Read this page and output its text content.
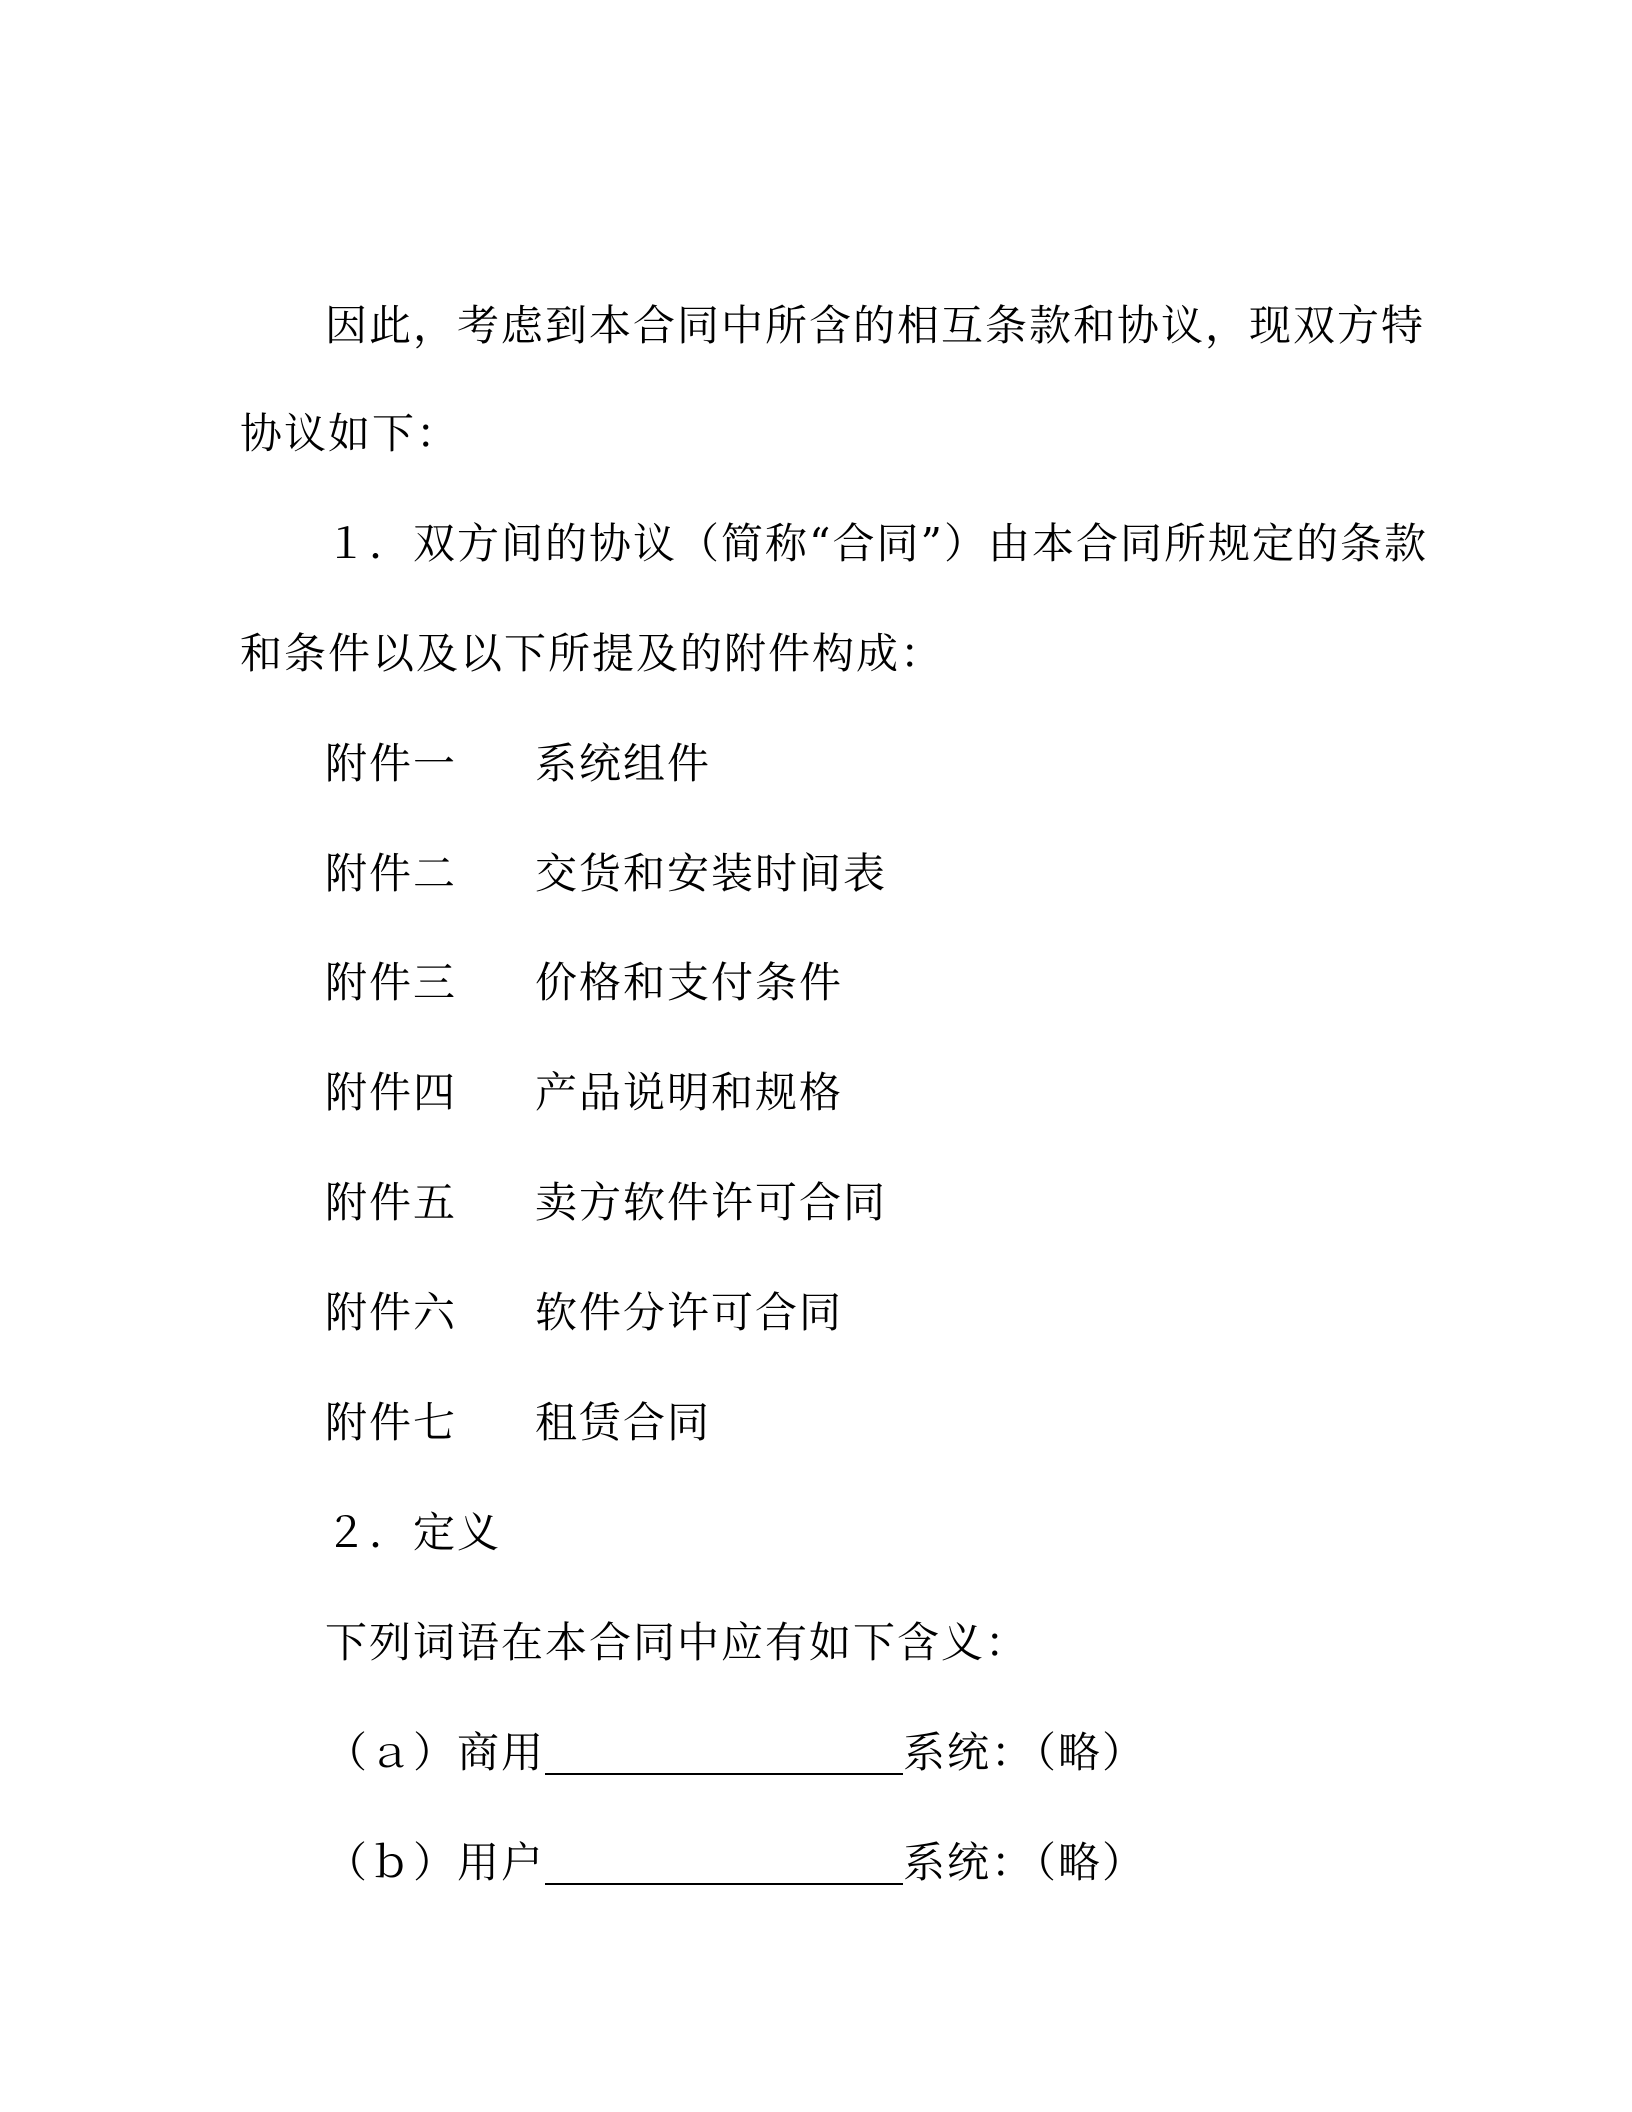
因此，考虑到本合同中所含的相互条款和协议，现双方特
协议如下：
１．双方间的协议（简称“合同”）由本合同所规定的条款
和条件以及以下所提及的附件构成：
附件一 系统组件
附件二 交货和安装时间表
附件三 价格和支付条件
附件四 产品说明和规格
附件五 卖方软件许可合同
附件六 软件分许可合同
附件七 租赁合同
２．定义
下列词语在本合同中应有如下含义：
（ａ）商用	系统：（略）
（ｂ）用户	系统：（略）
